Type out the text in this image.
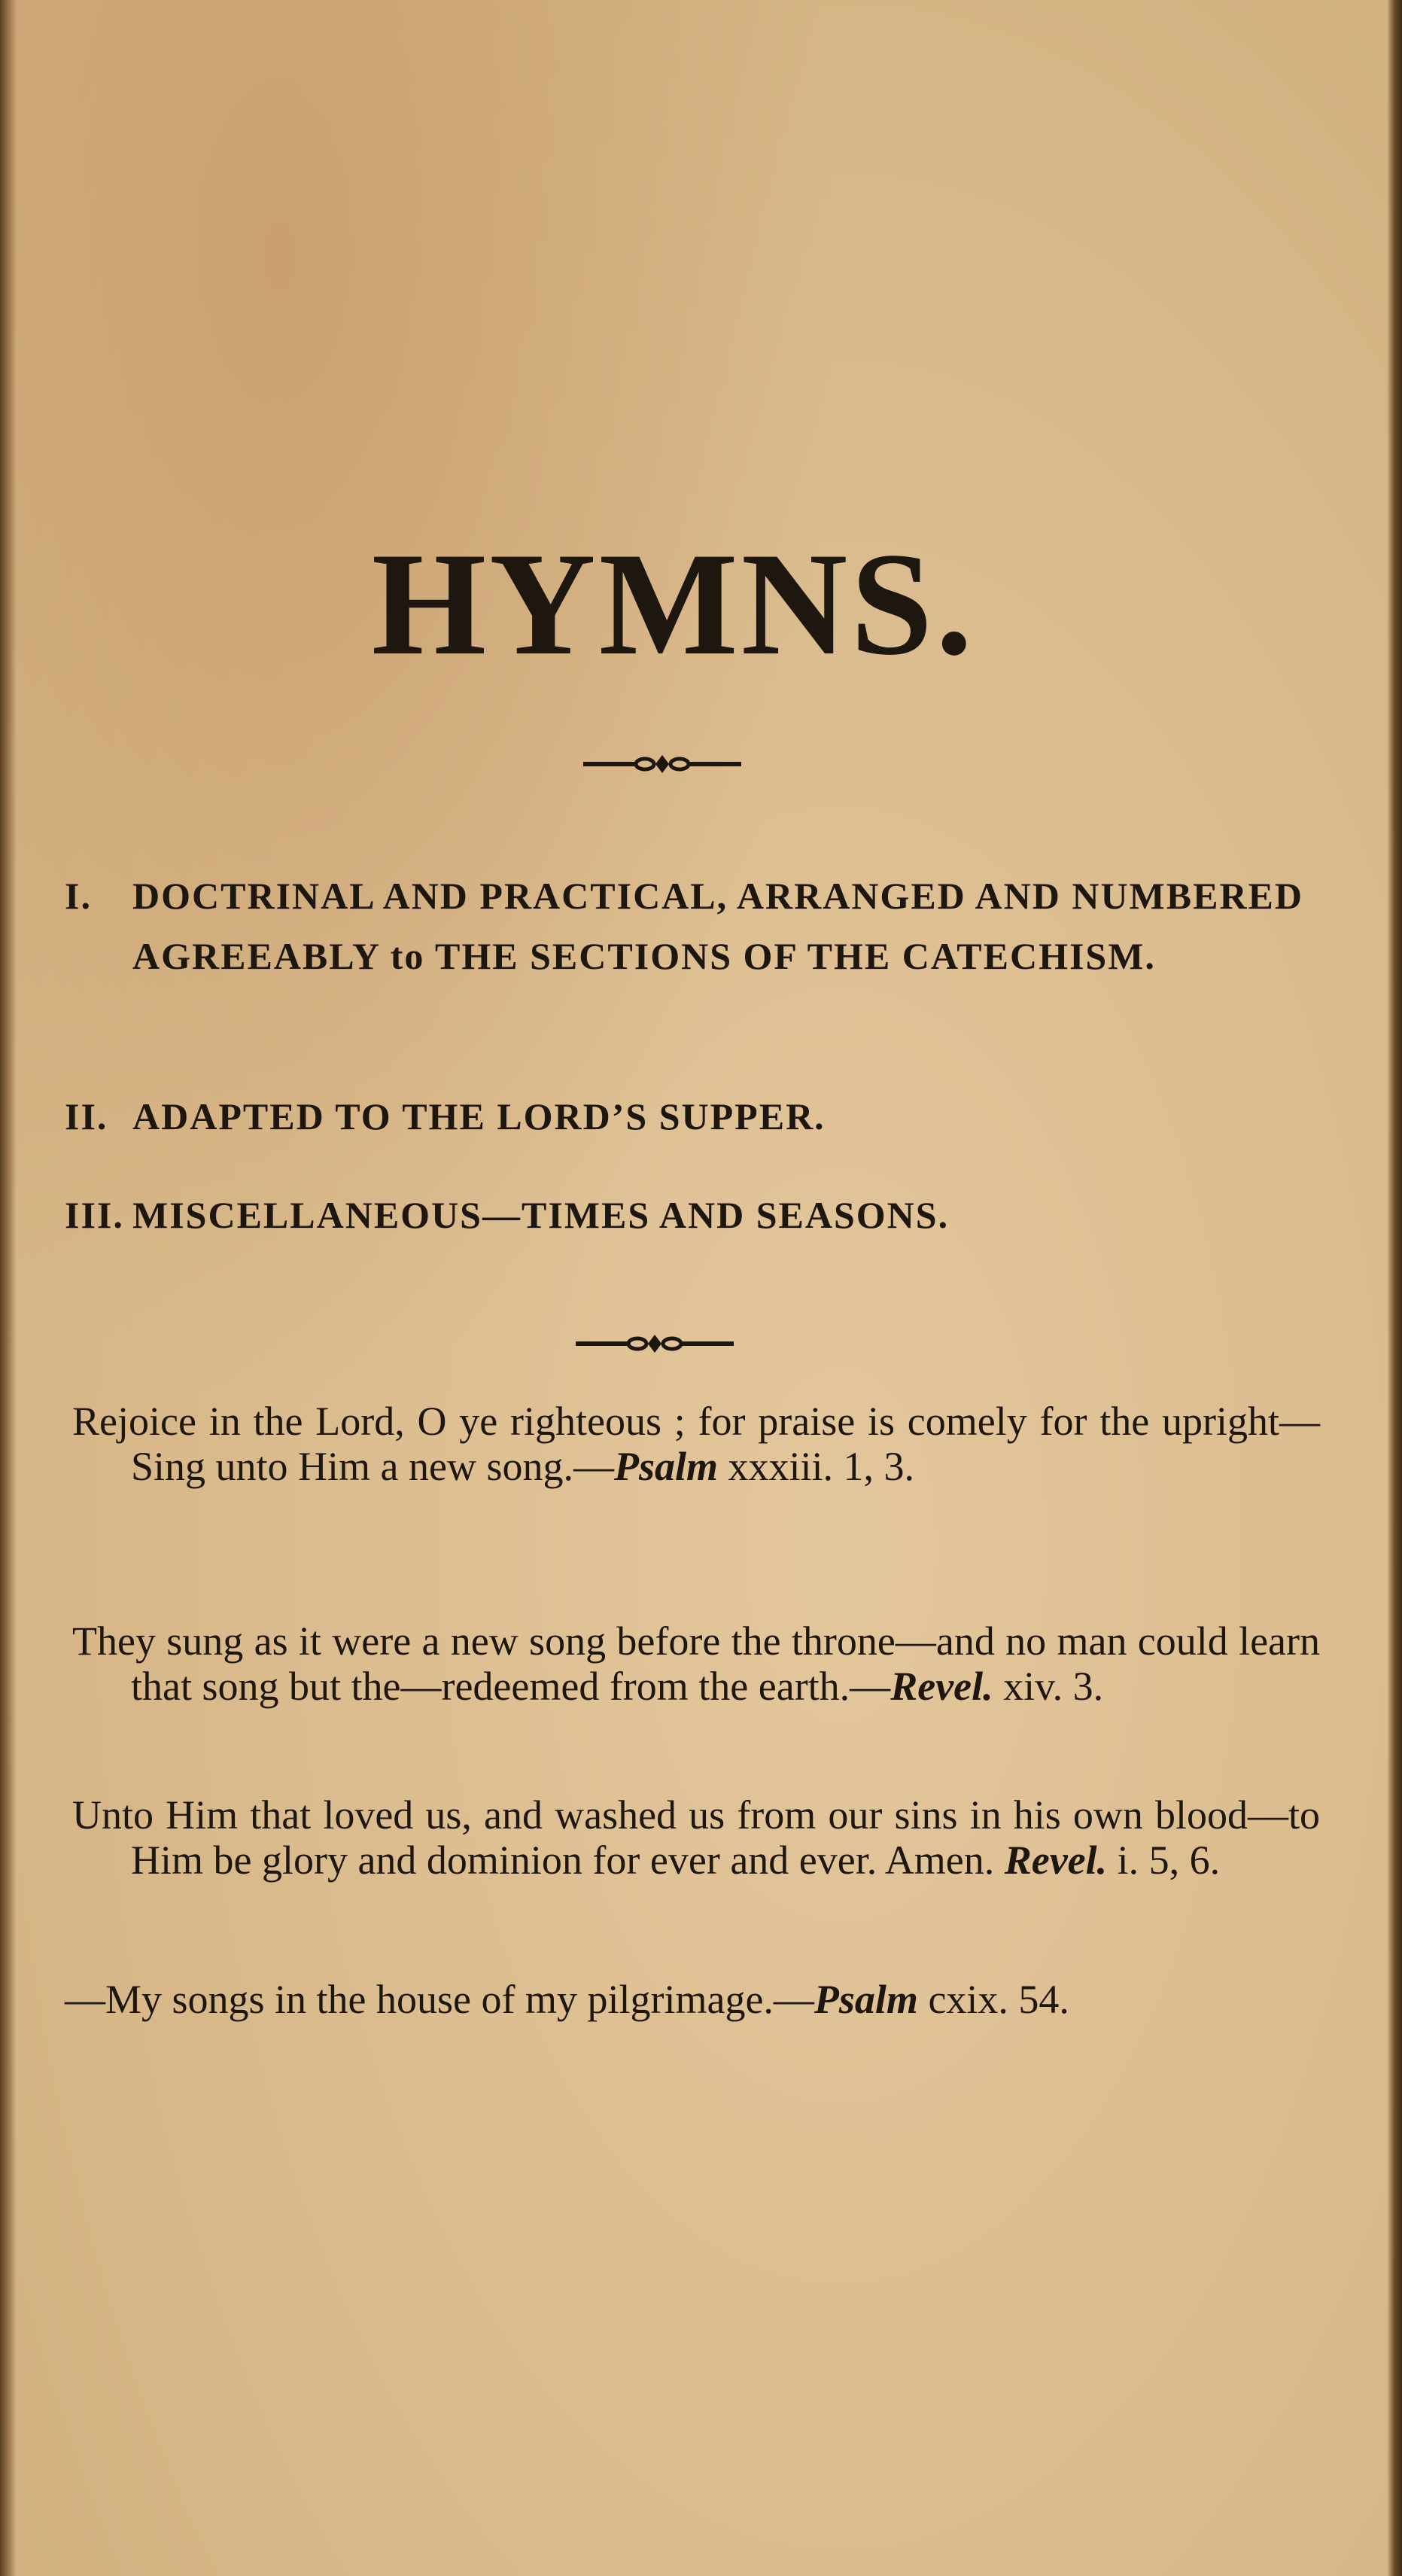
HYMNS.
I. DOCTRINAL AND PRACTICAL, ARRANGED AND NUMBERED AGREEABLY to THE SECTIONS OF THE CATECHISM.
II. ADAPTED TO THE LORD’S SUPPER.
III. MISCELLANEOUS—TIMES AND SEASONS.
Rejoice in the Lord, O ye righteous ; for praise is comely for the upright—Sing unto Him a new song.—Psalm xxxiii. 1, 3.
They sung as it were a new song before the throne—and no man could learn that song but the—redeemed from the earth.—Revel. xiv. 3.
Unto Him that loved us, and washed us from our sins in his own blood—to Him be glory and dominion for ever and ever. Amen. Revel. i. 5, 6.
—My songs in the house of my pilgrimage.—Psalm cxix. 54.
